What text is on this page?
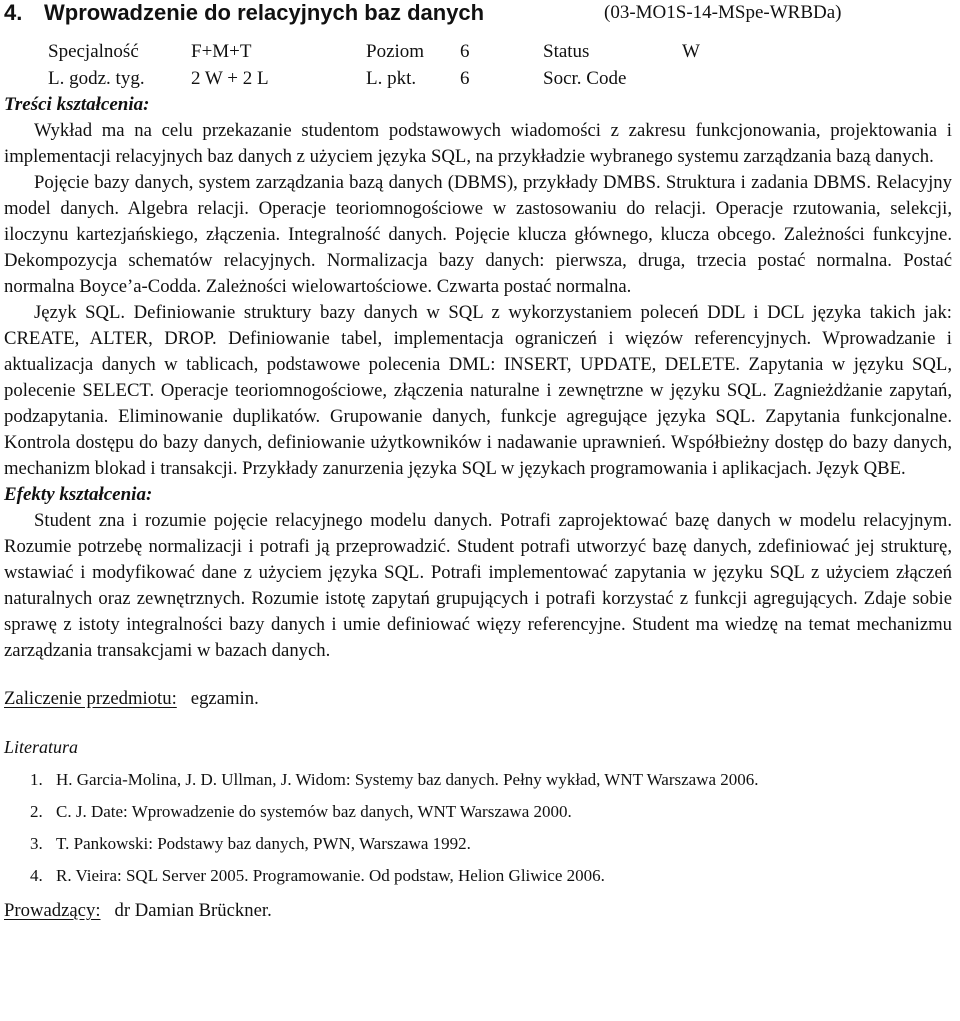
4. Wprowadzenie do relacyjnych baz danych	(03-MO1S-14-MSpe-WRBDa)
Specjalność	F+M+T	Poziom 6	Status	W
L. godz. tyg. 2 W + 2 L	L. pkt. 6	Socr. Code

Treści kształcenia:

Wykład ma na celu przekazanie studentom podstawowych wiadomości z zakresu funkcjonowania, projektowania i implementacji relacyjnych baz danych z użyciem języka SQL, na przykładzie wybranego systemu zarządzania bazą danych.

Pojęcie bazy danych, system zarządzania bazą danych (DBMS), przykłady DMBS. Struktura i zadania DBMS. Relacyjny model danych. Algebra relacji. Operacje teoriomnogościowe w zastosowaniu do relacji. Operacje rzutowania, selekcji, iloczynu kartezjańskiego, złączenia. Integralność danych. Pojęcie klucza głównego, klucza obcego. Zależności funkcyjne. Dekompozycja schematów relacyjnych. Normalizacja bazy danych: pierwsza, druga, trzecia postać normalna. Postać normalna Boyce’a-Codda. Zależności wielowartościowe. Czwarta postać normalna.

Język SQL. Definiowanie struktury bazy danych w SQL z wykorzystaniem poleceń DDL i DCL języka takich jak: CREATE, ALTER, DROP. Definiowanie tabel, implementacja ograniczeń i więzów referencyjnych. Wprowadzanie i aktualizacja danych w tablicach, podstawowe polecenia DML: INSERT, UPDATE, DELETE. Zapytania w języku SQL, polecenie SELECT. Operacje teoriomnogościowe, złączenia naturalne i zewnętrzne w języku SQL. Zagnieżdżanie zapytań, podzapytania. Eliminowanie duplikatów. Grupowanie danych, funkcje agregujące języka SQL. Zapytania funkcjonalne. Kontrola dostępu do bazy danych, definiowanie użytkowników i nadawanie uprawnień. Współbieżny dostęp do bazy danych, mechanizm blokad i transakcji. Przykłady zanurzenia języka SQL w językach programowania i aplikacjach. Język QBE.

Efekty kształcenia:

Student zna i rozumie pojęcie relacyjnego modelu danych. Potrafi zaprojektować bazę danych w modelu relacyjnym. Rozumie potrzebę normalizacji i potrafi ją przeprowadzić. Student potrafi utworzyć bazę danych, zdefiniować jej strukturę, wstawiać i modyfikować dane z użyciem języka SQL. Potrafi implementować zapytania w języku SQL z użyciem złączeń naturalnych oraz zewnętrznych. Rozumie istotę zapytań grupujących i potrafi korzystać z funkcji agregujących. Zdaje sobie sprawę z istoty integralności bazy danych i umie definiować więzy referencyjne. Student ma wiedzę na temat mechanizmu zarządzania transakcjami w bazach danych.

Zaliczenie przedmiotu: egzamin.

Literatura

1. H. Garcia-Molina, J. D. Ullman, J. Widom: Systemy baz danych. Pełny wykład, WNT Warszawa 2006.
2. C. J. Date: Wprowadzenie do systemów baz danych, WNT Warszawa 2000.
3. T. Pankowski: Podstawy baz danych, PWN, Warszawa 1992.
4. R. Vieira: SQL Server 2005. Programowanie. Od podstaw, Helion Gliwice 2006.

Prowadzący: dr Damian Brückner.
